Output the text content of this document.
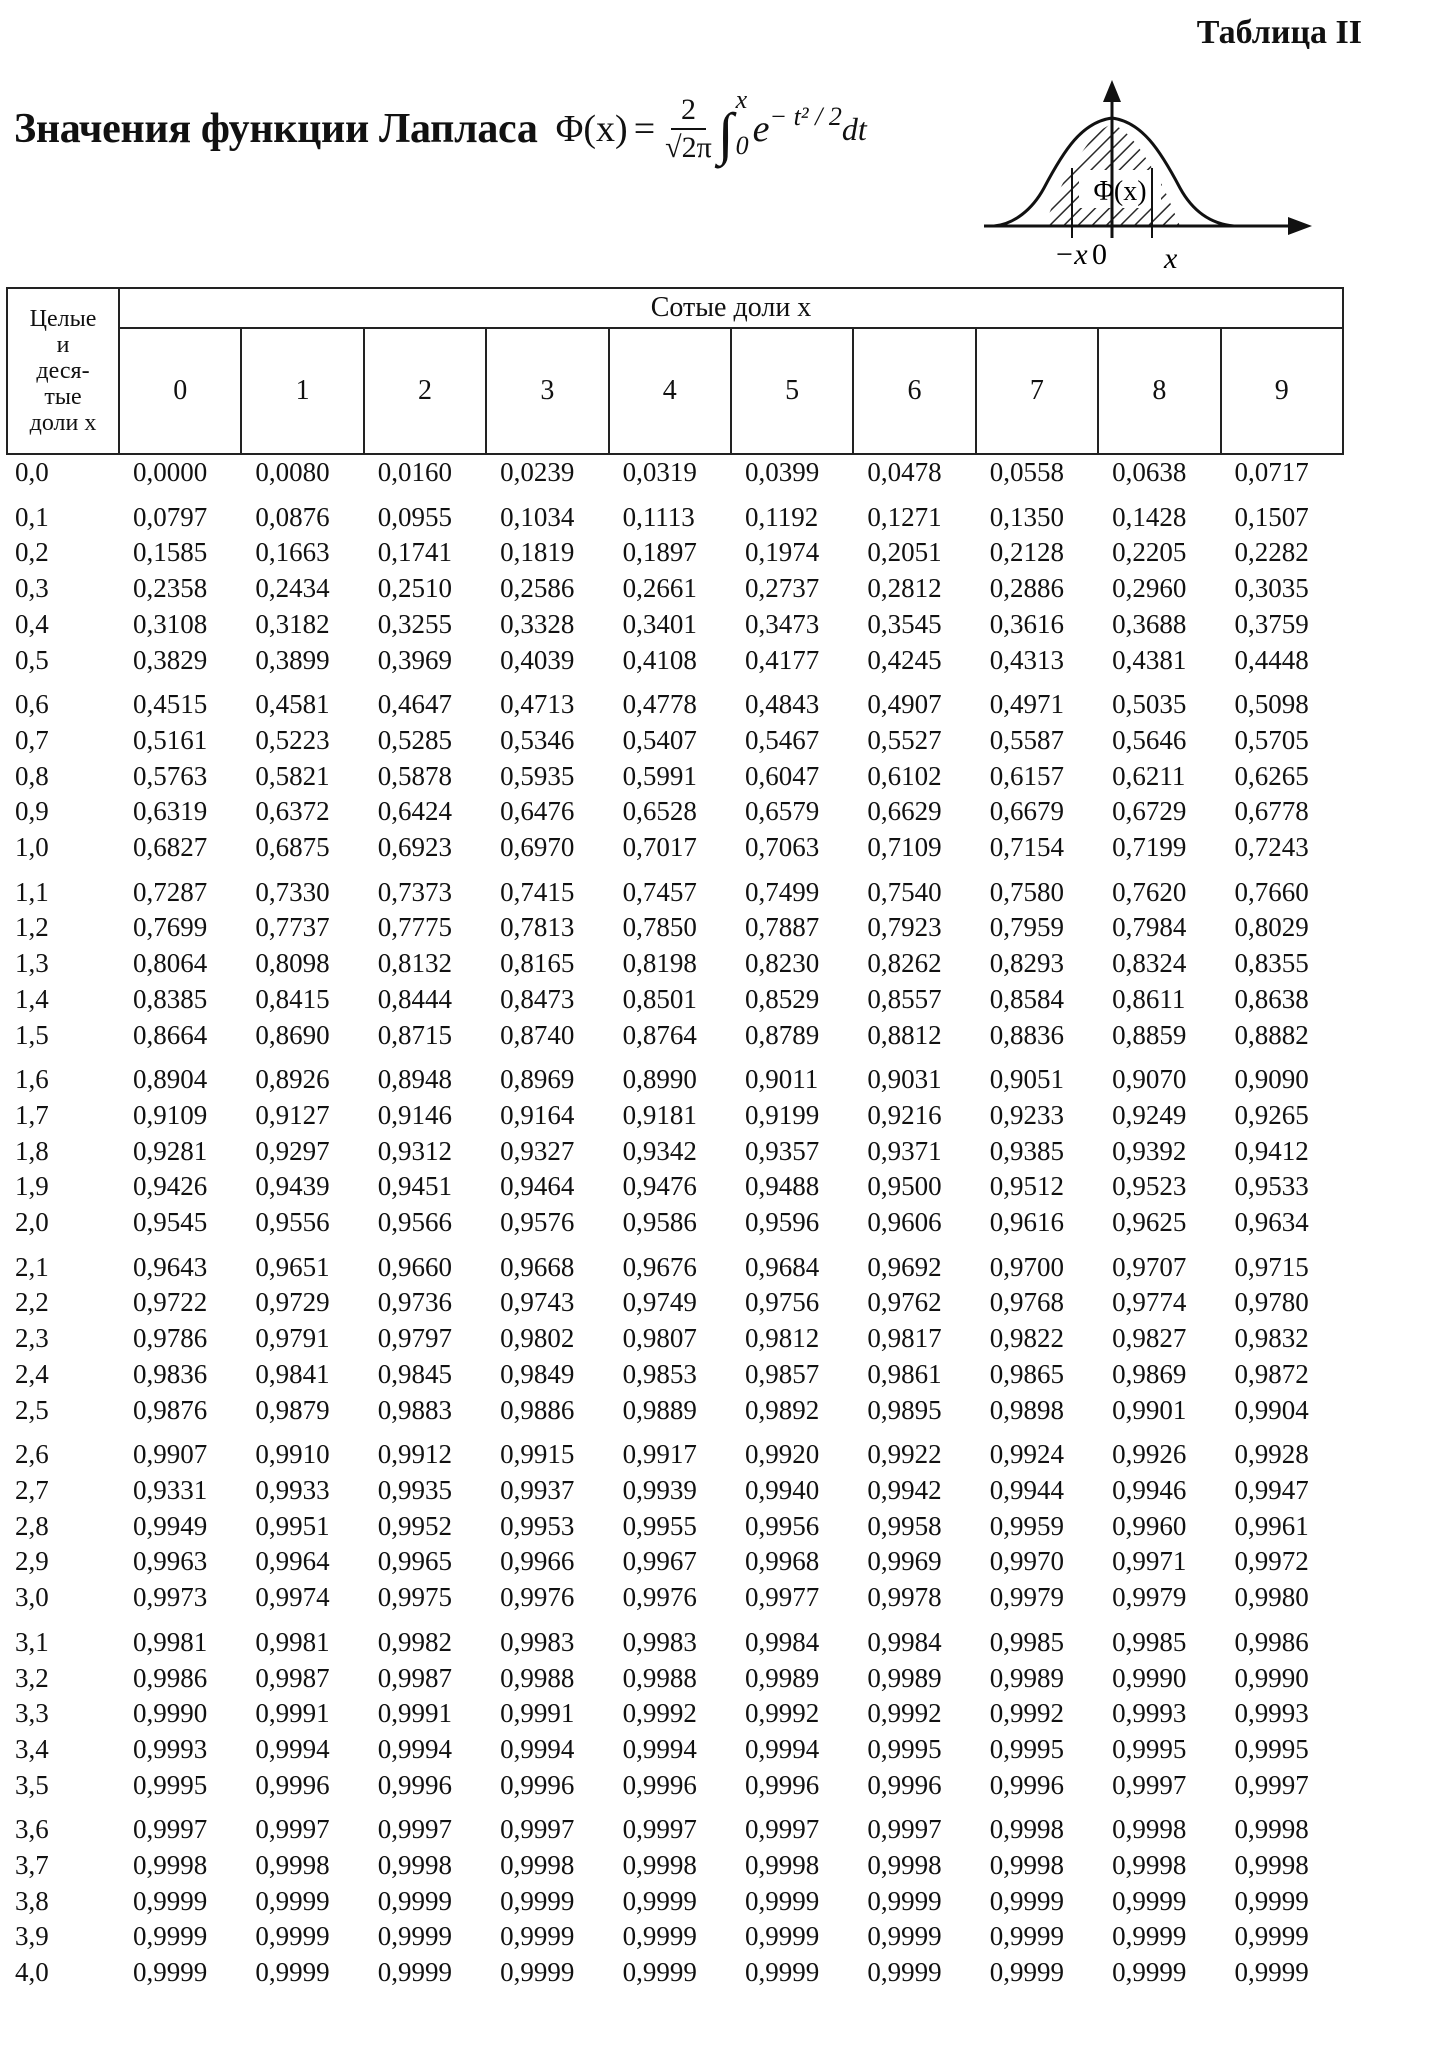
Таблица II
Значения функции Лапласа $\Phi(x) = \frac{2}{√2\pi}$ ∫
x
0 $e^{- t^2 / 2}$ dt
Φ(x)
−x 0 x
Целые
и
деся-
тые
доли x	Сотые доли x									
	0	1	2	3	4	5	6	7	8	9
0,0	0,0000	0,0080	0,0160	0,0239	0,0319	0,0399	0,0478	0,0558	0,0638	0,0717
0,1	0,0797	0,0876	0,0955	0,1034	0,1113	0,1192	0,1271	0,1350	0,1428	0,1507
0,2	0,1585	0,1663	0,1741	0,1819	0,1897	0,1974	0,2051	0,2128	0,2205	0,2282
0,3	0,2358	0,2434	0,2510	0,2586	0,2661	0,2737	0,2812	0,2886	0,2960	0,3035
0,4	0,3108	0,3182	0,3255	0,3328	0,3401	0,3473	0,3545	0,3616	0,3688	0,3759
0,5	0,3829	0,3899	0,3969	0,4039	0,4108	0,4177	0,4245	0,4313	0,4381	0,4448
0,6	0,4515	0,4581	0,4647	0,4713	0,4778	0,4843	0,4907	0,4971	0,5035	0,5098
0,7	0,5161	0,5223	0,5285	0,5346	0,5407	0,5467	0,5527	0,5587	0,5646	0,5705
0,8	0,5763	0,5821	0,5878	0,5935	0,5991	0,6047	0,6102	0,6157	0,6211	0,6265
0,9	0,6319	0,6372	0,6424	0,6476	0,6528	0,6579	0,6629	0,6679	0,6729	0,6778
1,0	0,6827	0,6875	0,6923	0,6970	0,7017	0,7063	0,7109	0,7154	0,7199	0,7243
1,1	0,7287	0,7330	0,7373	0,7415	0,7457	0,7499	0,7540	0,7580	0,7620	0,7660
1,2	0,7699	0,7737	0,7775	0,7813	0,7850	0,7887	0,7923	0,7959	0,7984	0,8029
1,3	0,8064	0,8098	0,8132	0,8165	0,8198	0,8230	0,8262	0,8293	0,8324	0,8355
1,4	0,8385	0,8415	0,8444	0,8473	0,8501	0,8529	0,8557	0,8584	0,8611	0,8638
1,5	0,8664	0,8690	0,8715	0,8740	0,8764	0,8789	0,8812	0,8836	0,8859	0,8882
1,6	0,8904	0,8926	0,8948	0,8969	0,8990	0,9011	0,9031	0,9051	0,9070	0,9090
1,7	0,9109	0,9127	0,9146	0,9164	0,9181	0,9199	0,9216	0,9233	0,9249	0,9265
1,8	0,9281	0,9297	0,9312	0,9327	0,9342	0,9357	0,9371	0,9385	0,9392	0,9412
1,9	0,9426	0,9439	0,9451	0,9464	0,9476	0,9488	0,9500	0,9512	0,9523	0,9533
2,0	0,9545	0,9556	0,9566	0,9576	0,9586	0,9596	0,9606	0,9616	0,9625	0,9634
2,1	0,9643	0,9651	0,9660	0,9668	0,9676	0,9684	0,9692	0,9700	0,9707	0,9715
2,2	0,9722	0,9729	0,9736	0,9743	0,9749	0,9756	0,9762	0,9768	0,9774	0,9780
2,3	0,9786	0,9791	0,9797	0,9802	0,9807	0,9812	0,9817	0,9822	0,9827	0,9832
2,4	0,9836	0,9841	0,9845	0,9849	0,9853	0,9857	0,9861	0,9865	0,9869	0,9872
2,5	0,9876	0,9879	0,9883	0,9886	0,9889	0,9892	0,9895	0,9898	0,9901	0,9904
2,6	0,9907	0,9910	0,9912	0,9915	0,9917	0,9920	0,9922	0,9924	0,9926	0,9928
2,7	0,9331	0,9933	0,9935	0,9937	0,9939	0,9940	0,9942	0,9944	0,9946	0,9947
2,8	0,9949	0,9951	0,9952	0,9953	0,9955	0,9956	0,9958	0,9959	0,9960	0,9961
2,9	0,9963	0,9964	0,9965	0,9966	0,9967	0,9968	0,9969	0,9970	0,9971	0,9972
3,0	0,9973	0,9974	0,9975	0,9976	0,9976	0,9977	0,9978	0,9979	0,9979	0,9980
3,1	0,9981	0,9981	0,9982	0,9983	0,9983	0,9984	0,9984	0,9985	0,9985	0,9986
3,2	0,9986	0,9987	0,9987	0,9988	0,9988	0,9989	0,9989	0,9989	0,9990	0,9990
3,3	0,9990	0,9991	0,9991	0,9991	0,9992	0,9992	0,9992	0,9992	0,9993	0,9993
3,4	0,9993	0,9994	0,9994	0,9994	0,9994	0,9994	0,9995	0,9995	0,9995	0,9995
3,5	0,9995	0,9996	0,9996	0,9996	0,9996	0,9996	0,9996	0,9996	0,9997	0,9997
3,6	0,9997	0,9997	0,9997	0,9997	0,9997	0,9997	0,9997	0,9998	0,9998	0,9998
3,7	0,9998	0,9998	0,9998	0,9998	0,9998	0,9998	0,9998	0,9998	0,9998	0,9998
3,8	0,9999	0,9999	0,9999	0,9999	0,9999	0,9999	0,9999	0,9999	0,9999	0,9999
3,9	0,9999	0,9999	0,9999	0,9999	0,9999	0,9999	0,9999	0,9999	0,9999	0,9999
4,0	0,9999	0,9999	0,9999	0,9999	0,9999	0,9999	0,9999	0,9999	0,9999	0,9999
